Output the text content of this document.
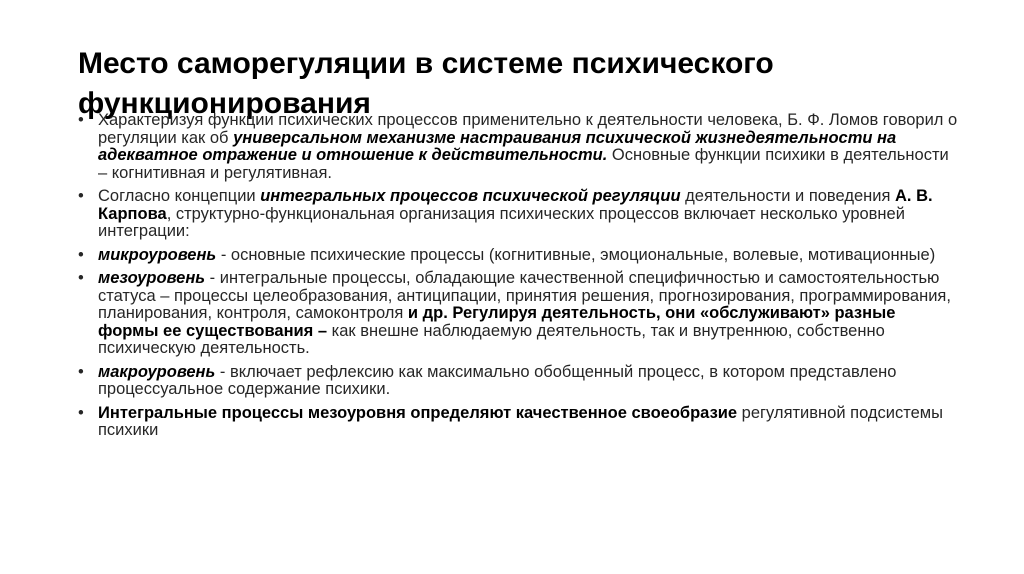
Место саморегуляции в системе психического функционирования
• Характеризуя функции психических процессов применительно к деятельности человека, Б. Ф. Ломов говорил о регуляции как об универсальном механизме настраивания психической жизнедеятельности на адекватное отражение и отношение к действительности. Основные функции психики в деятельности – когнитивная и регулятивная.
• Согласно концепции интегральных процессов психической регуляции деятельности и поведения А. В. Карпова, структурно-функциональная организация психических процессов включает несколько уровней интеграции:
• микроуровень - основные психические процессы (когнитивные, эмоциональные, волевые, мотивационные)
• мезоуровень - интегральные процессы, обладающие качественной специфичностью и самостоятельностью статуса – процессы целеобразования, антиципации, принятия решения, прогнозирования, программирования, планирования, контроля, самоконтроля и др. Регулируя деятельность, они «обслуживают» разные формы ее существования – как внешне наблюдаемую деятельность, так и внутреннюю, собственно психическую деятельность.
• макроуровень - включает рефлексию как максимально обобщенный процесс, в котором представлено процессуальное содержание психики.
• Интегральные процессы мезоуровня определяют качественное своеобразие регулятивной подсистемы психики
